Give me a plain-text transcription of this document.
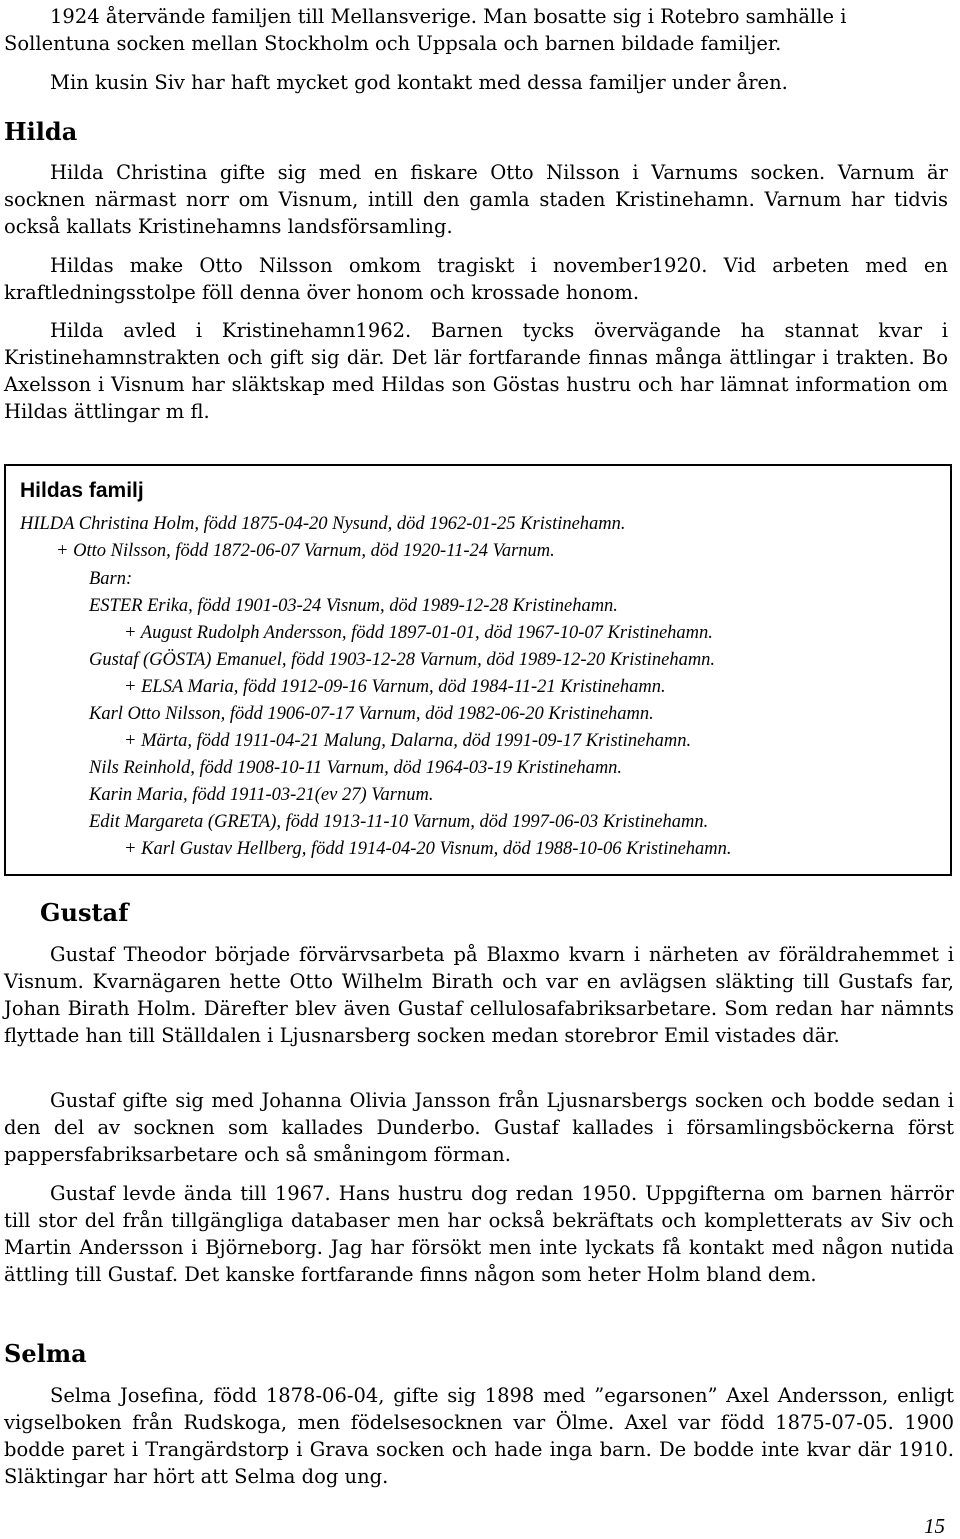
1924 återvände familjen till Mellansverige. Man bosatte sig i Rotebro samhälle i

Sollentuna socken mellan Stockholm och Uppsala och barnen bildade familjer.

Min kusin Siv har haft mycket god kontakt med dessa familjer under åren.

Hilda

Hilda Christina gifte sig med en fiskare Otto Nilsson i Varnums socken. Varnum är socknen närmast norr om Visnum, intill den gamla staden Kristinehamn. Varnum har tidvis också kallats Kristinehamns landsförsamling.

Hildas make Otto Nilsson omkom tragiskt i november1920. Vid arbeten med en kraftledningsstolpe föll denna över honom och krossade honom.

Hilda avled i Kristinehamn1962. Barnen tycks övervägande ha stannat kvar i Kristinehamnstrakten och gift sig där. Det lär fortfarande finnas många ättlingar i trakten. Bo Axelsson i Visnum har släktskap med Hildas son Göstas hustru och har lämnat information om Hildas ättlingar m fl.

Hildas familj

HILDA Christina Holm, född 1875-04-20 Nysund, död 1962-01-25 Kristinehamn.

+ Otto Nilsson, född 1872-06-07 Varnum, död 1920-11-24 Varnum.

Barn:

ESTER Erika, född 1901-03-24 Visnum, död 1989-12-28 Kristinehamn.

+ August Rudolph Andersson, född 1897-01-01, död 1967-10-07 Kristinehamn.

Gustaf (GÖSTA) Emanuel, född 1903-12-28 Varnum, död 1989-12-20 Kristinehamn.

+ ELSA Maria, född 1912-09-16 Varnum, död 1984-11-21 Kristinehamn.

Karl Otto Nilsson, född 1906-07-17 Varnum, död 1982-06-20 Kristinehamn.

+ Märta, född 1911-04-21 Malung, Dalarna, död 1991-09-17 Kristinehamn.

Nils Reinhold, född 1908-10-11 Varnum, död 1964-03-19 Kristinehamn.

Karin Maria, född 1911-03-21(ev 27) Varnum.

Edit Margareta (GRETA), född 1913-11-10 Varnum, död 1997-06-03 Kristinehamn.

+ Karl Gustav Hellberg, född 1914-04-20 Visnum, död 1988-10-06 Kristinehamn.

Gustaf

Gustaf Theodor började förvärvsarbeta på Blaxmo kvarn i närheten av föräldrahemmet i Visnum. Kvarnägaren hette Otto Wilhelm Birath och var en avlägsen släkting till Gustafs far, Johan Birath Holm. Därefter blev även Gustaf cellulosafabriksarbetare. Som redan har nämnts flyttade han till Ställdalen i Ljusnarsberg socken medan storebror Emil vistades där.

Gustaf gifte sig med Johanna Olivia Jansson från Ljusnarsbergs socken och bodde sedan i den del av socknen som kallades Dunderbo. Gustaf kallades i församlingsböckerna först pappersfabriksarbetare och så småningom förman.

Gustaf levde ända till 1967. Hans hustru dog redan 1950. Uppgifterna om barnen härrör till stor del från tillgängliga databaser men har också bekräftats och kompletterats av Siv och Martin Andersson i Björneborg. Jag har försökt men inte lyckats få kontakt med någon nutida ättling till Gustaf. Det kanske fortfarande finns någon som heter Holm bland dem.

Selma

Selma Josefina, född 1878-06-04, gifte sig 1898 med ”egarsonen” Axel Andersson, enligt vigselboken från Rudskoga, men födelsesocknen var Ölme. Axel var född 1875-07-05. 1900 bodde paret i Trangärdstorp i Grava socken och hade inga barn. De bodde inte kvar där 1910. Släktingar har hört att Selma dog ung.

15
